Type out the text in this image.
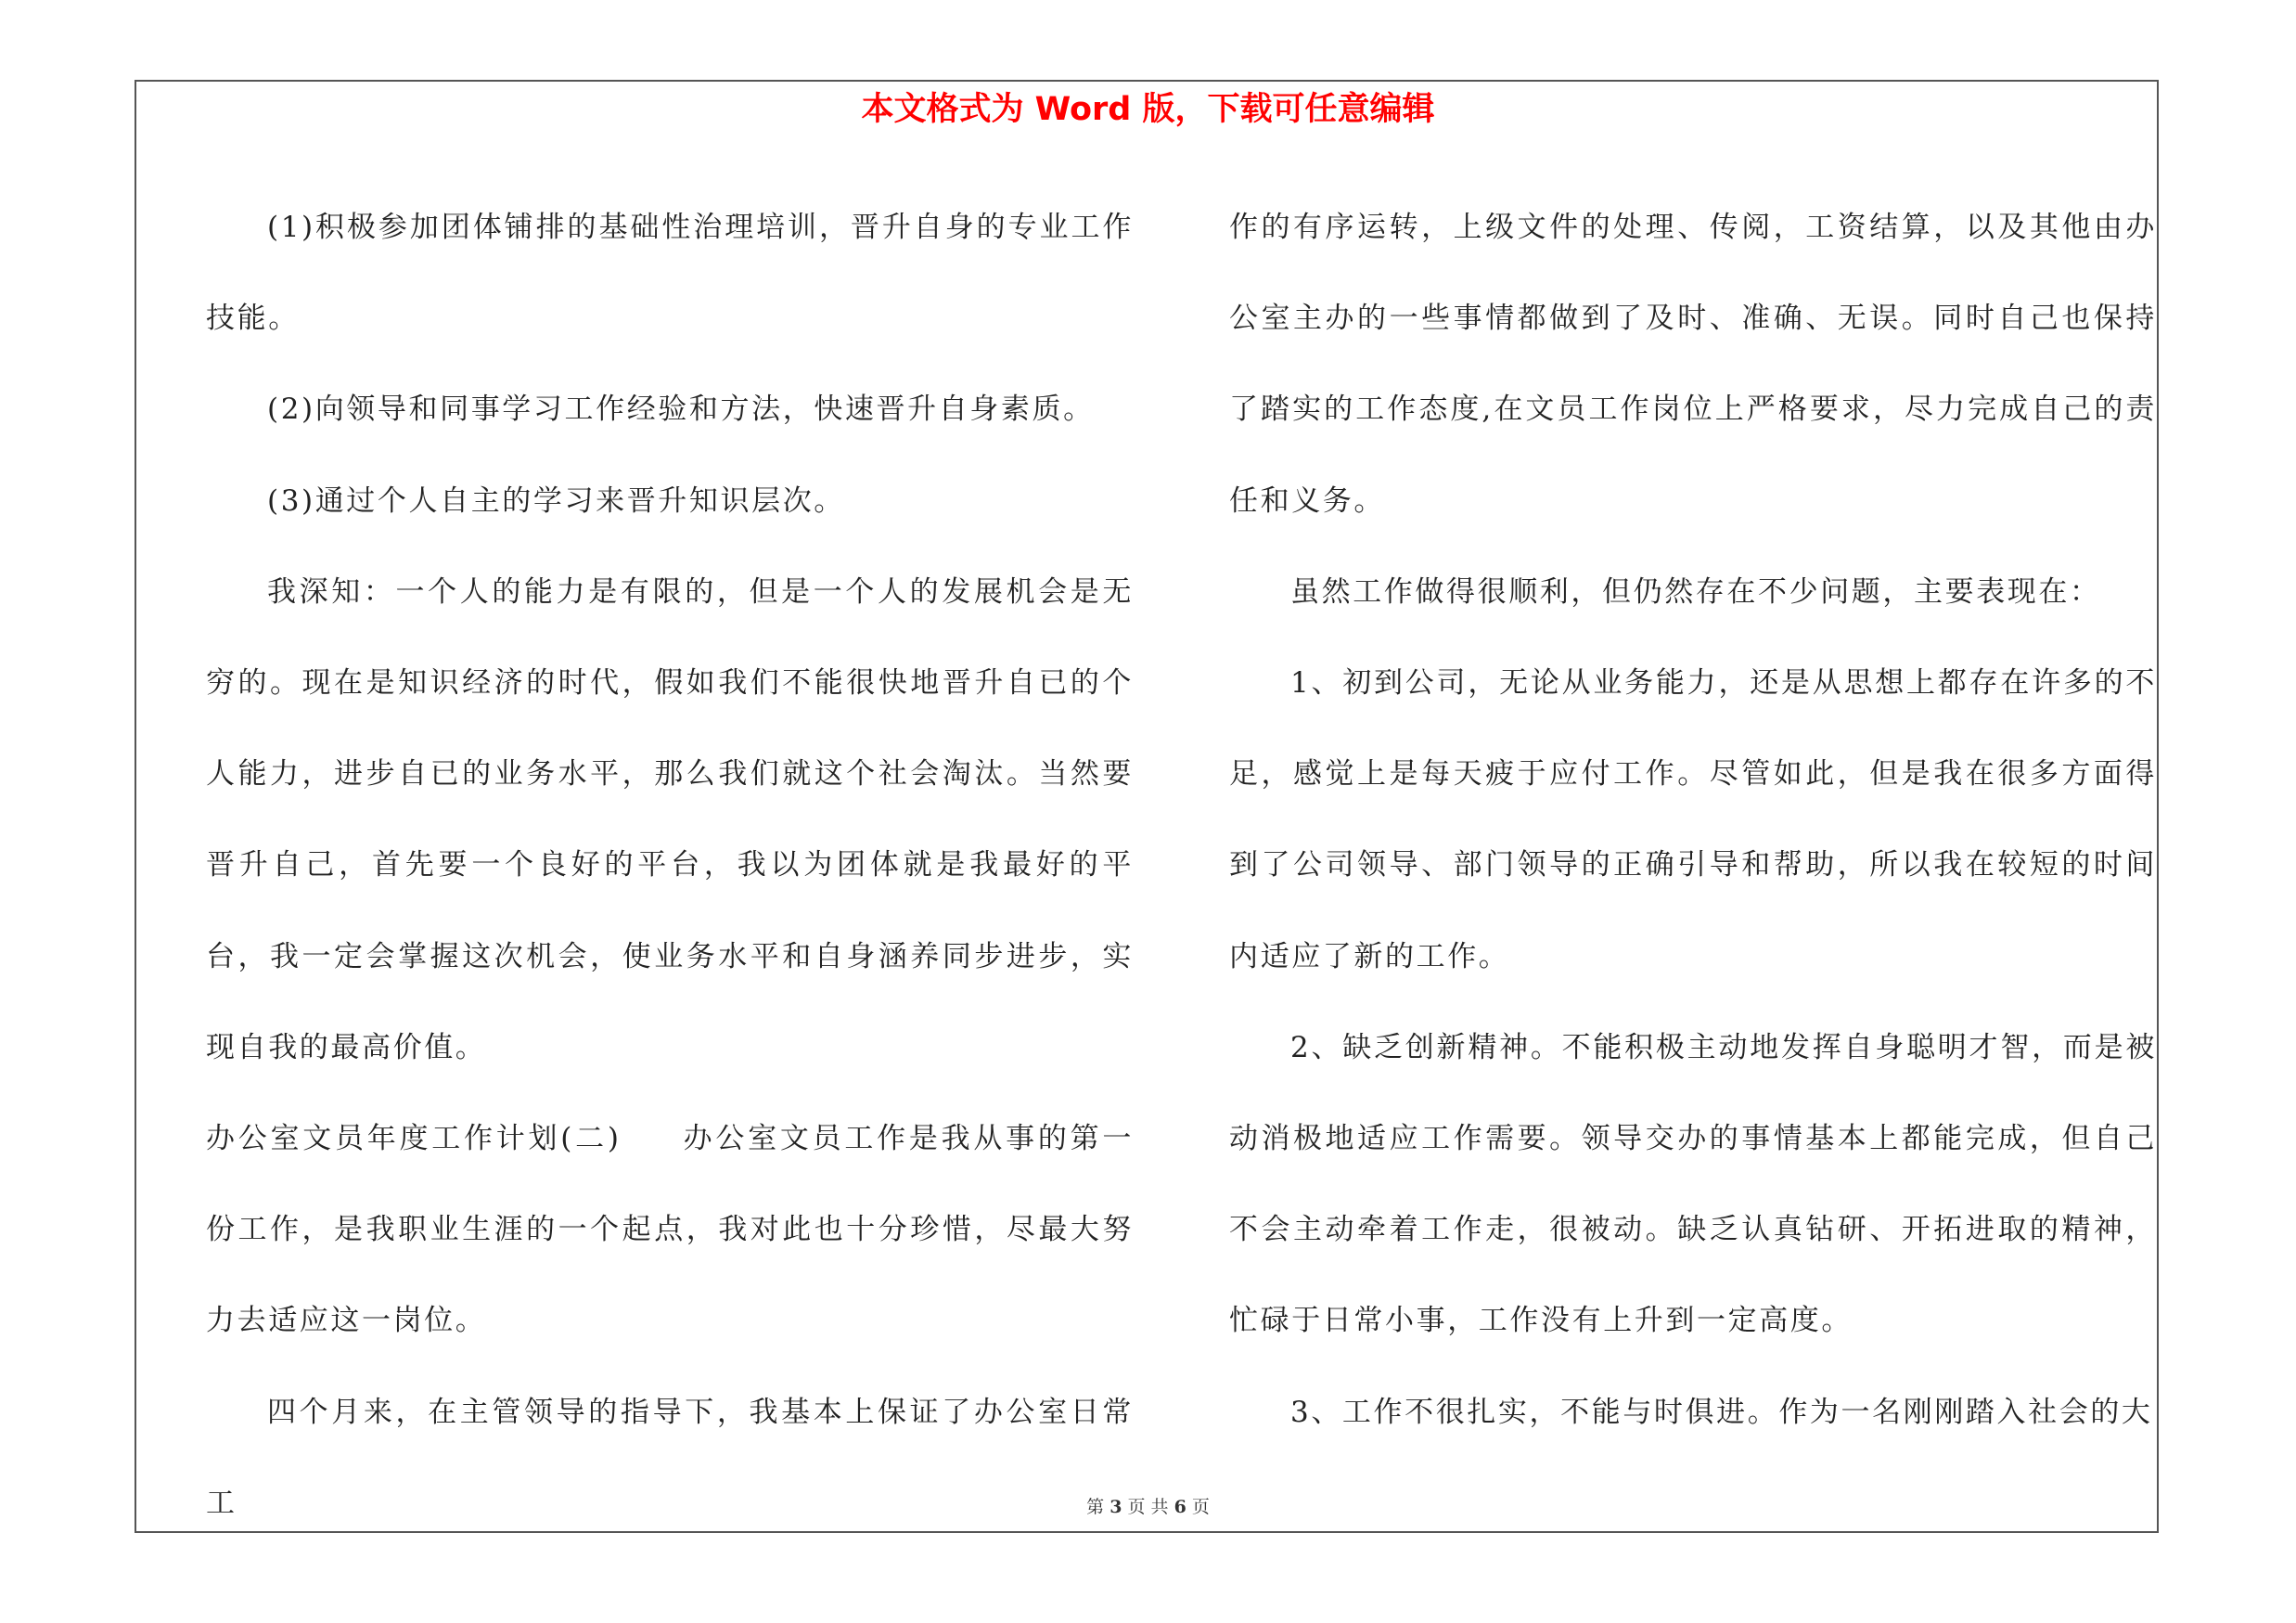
本文格式为 Word 版，下载可任意编辑

(1)积极参加团体铺排的基础性治理培训，晋升自身的专业工作技能。

(2)向领导和同事学习工作经验和方法，快速晋升自身素质。

(3)通过个人自主的学习来晋升知识层次。

我深知：一个人的能力是有限的，但是一个人的发展机会是无穷的。现在是知识经济的时代，假如我们不能很快地晋升自已的个人能力，进步自已的业务水平，那么我们就这个社会淘汰。当然要晋升自己，首先要一个良好的平台，我以为团体就是我最好的平台，我一定会掌握这次机会，使业务水平和自身涵养同步进步，实现自我的最高价值。

办公室文员年度工作计划(二) 办公室文员工作是我从事的第一份工作，是我职业生涯的一个起点，我对此也十分珍惜，尽最大努力去适应这一岗位。

四个月来，在主管领导的指导下，我基本上保证了办公室日常工

作的有序运转，上级文件的处理、传阅，工资结算，以及其他由办公室主办的一些事情都做到了及时、准确、无误。同时自己也保持了踏实的工作态度,在文员工作岗位上严格要求，尽力完成自己的责任和义务。

虽然工作做得很顺利，但仍然存在不少问题，主要表现在：

1、初到公司，无论从业务能力，还是从思想上都存在许多的不足，感觉上是每天疲于应付工作。尽管如此，但是我在很多方面得到了公司领导、部门领导的正确引导和帮助，所以我在较短的时间内适应了新的工作。

2、缺乏创新精神。不能积极主动地发挥自身聪明才智，而是被动消极地适应工作需要。领导交办的事情基本上都能完成，但自己不会主动牵着工作走，很被动。缺乏认真钻研、开拓进取的精神，忙碌于日常小事，工作没有上升到一定高度。

3、工作不很扎实，不能与时俱进。作为一名刚刚踏入社会的大

第 3 页 共 6 页
